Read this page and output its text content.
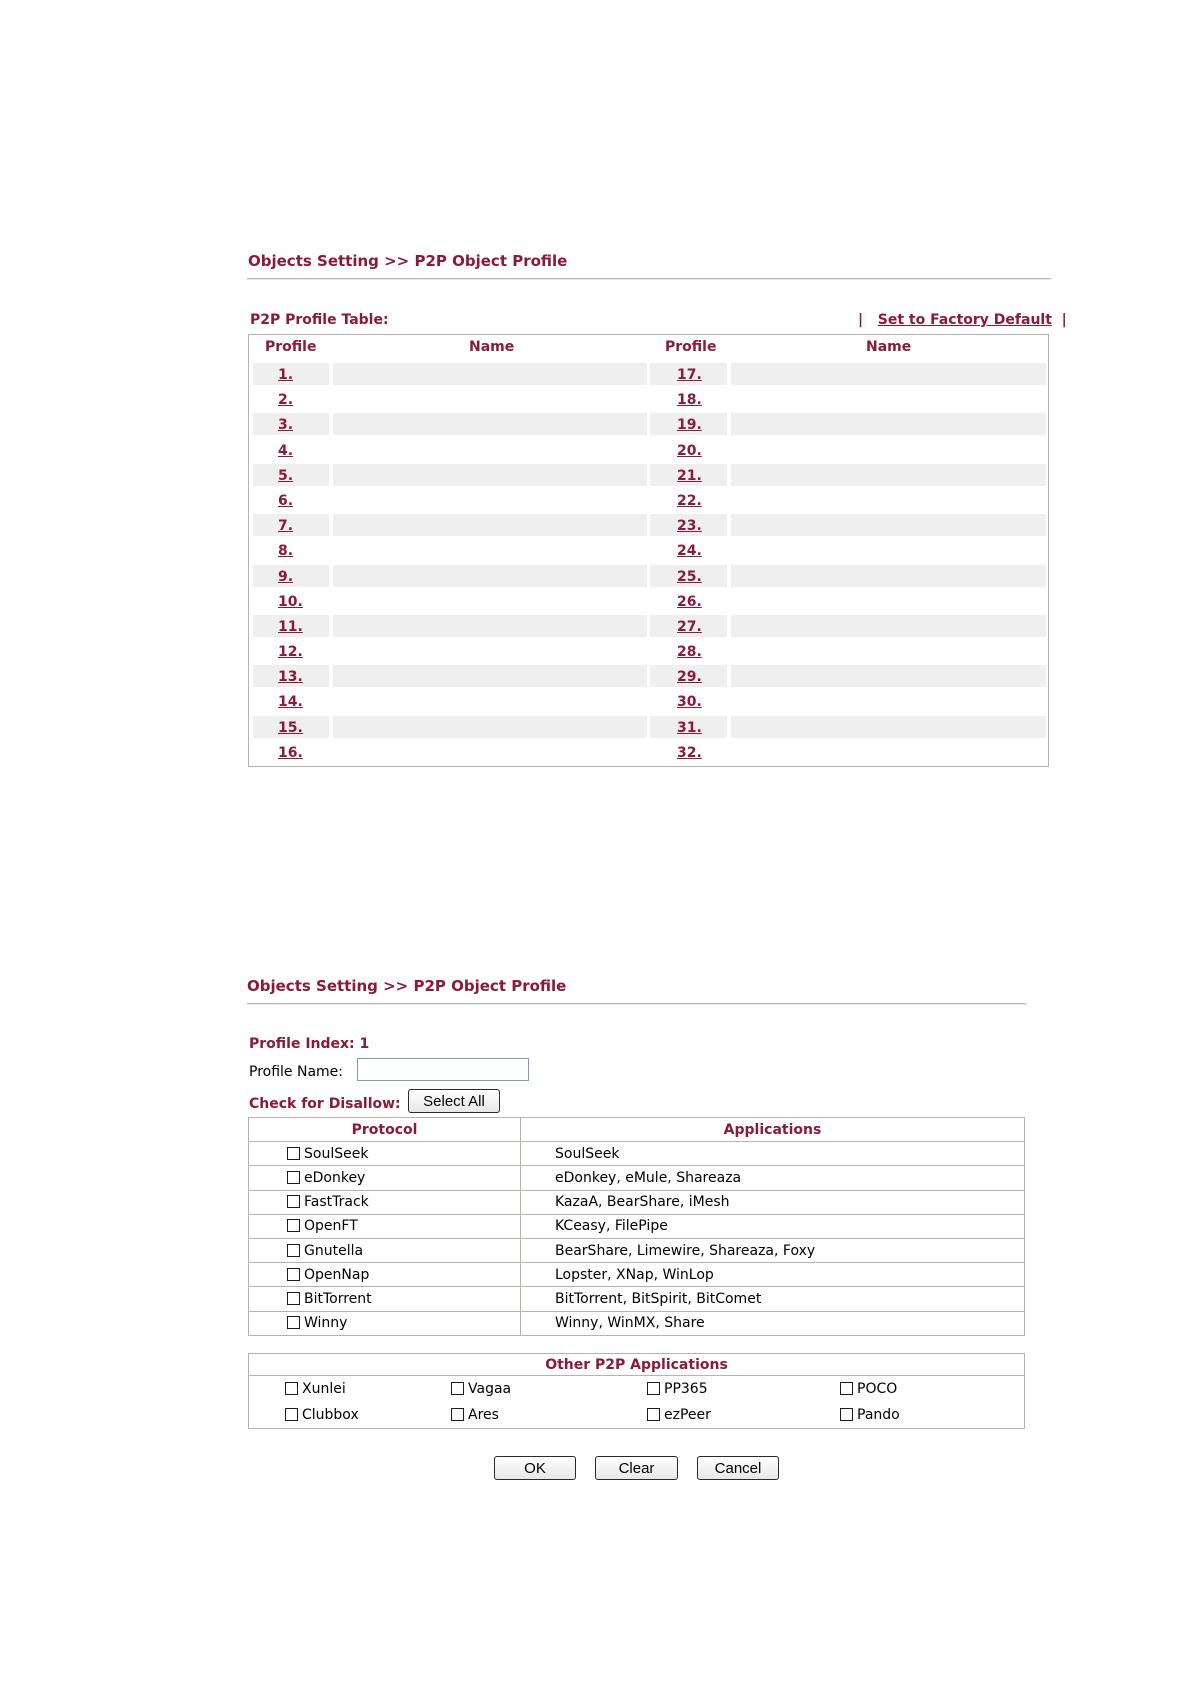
Objects Setting >> P2P Object Profile
P2P Profile Table:	| Set to Factory Default |
Profile	Name	Profile	Name
1.	17.
2.	18.
3.	19.
4.	20.
5.	21.
6.	22.
7.	23.
8.	24.
9.	25.
10.	26.
11.	27.
12.	28.
13.	29.
14.	30.
15.	31.
16.	32.
Objects Setting >> P2P Object Profile
Profile Index: 1
Profile Name:
Check for Disallow:	Select All
Protocol	Applications
SoulSeek	SoulSeek
eDonkey	eDonkey, eMule, Shareaza
FastTrack	KazaA, BearShare, iMesh
OpenFT	KCeasy, FilePipe
Gnutella	BearShare, Limewire, Shareaza, Foxy
OpenNap	Lopster, XNap, WinLop
BitTorrent	BitTorrent, BitSpirit, BitComet
Winny	Winny, WinMX, Share
Other P2P Applications			
Xunlei	Vagaa	PP365	POCO
Clubbox	Ares	ezPeer	Pando
OK	Clear	Cancel
